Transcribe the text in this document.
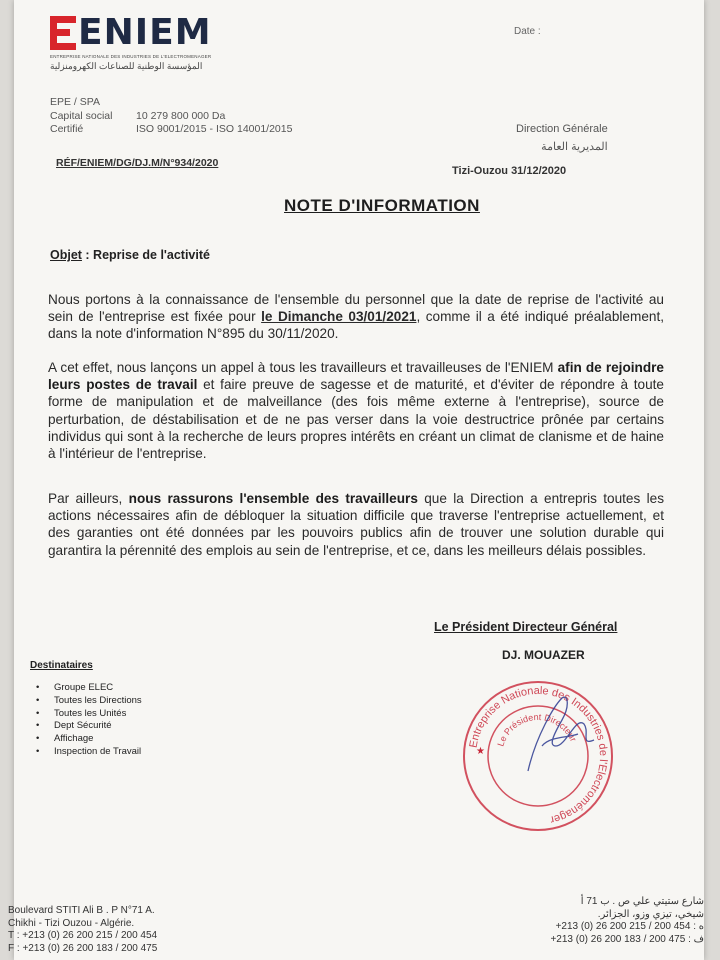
ENIEM
ENTREPRISE NATIONALE DES INDUSTRIES DE L'ELECTROMENAGER
المؤسسة الوطنية للصناعات الكهرومنزلية
Date :
EPE / SPA
Capital social	10 279 800 000 Da
Certifié	ISO 9001/2015 - ISO 14001/2015	Direction Générale
المديرية العامة
RÉF/ENIEM/DG/DJ.M/N°934/2020
Tizi-Ouzou 31/12/2020
NOTE D'INFORMATION
Objet : Reprise de l'activité
Nous portons à la connaissance de l'ensemble du personnel que la date de reprise de l'activité au sein de l'entreprise est fixée pour le Dimanche 03/01/2021, comme il a été indiqué préalablement, dans la note d'information N°895 du 30/11/2020.
A cet effet, nous lançons un appel à tous les travailleurs et travailleuses de l'ENIEM afin de rejoindre leurs postes de travail et faire preuve de sagesse et de maturité, et d'éviter de répondre à toute forme de manipulation et de malveillance (des fois même externe à l'entreprise), source de perturbation, de déstabilisation et de ne pas verser dans la voie destructrice prônée par certains individus qui sont à la recherche de leurs propres intérêts en créant un climat de clanisme et de haine à l'intérieur de l'entreprise.
Par ailleurs, nous rassurons l'ensemble des travailleurs que la Direction a entrepris toutes les actions nécessaires afin de débloquer la situation difficile que traverse l'entreprise actuellement, et des garanties ont été données par les pouvoirs publics afin de trouver une solution durable qui garantira la pérennité des emplois au sein de l'entreprise, et ce, dans les meilleurs délais possibles.
Le Président Directeur Général
DJ. MOUAZER
Entreprise Nationale des Industries de l'Electroménager
Le Président Directeur
★
Destinataires
•	Groupe ELEC
•	Toutes les Directions
•	Toutes les Unités
•	Dept Sécurité
•	Affichage
•	Inspection de Travail
Boulevard STITI Ali B . P N°71 A.
Chikhi - Tizi Ouzou - Algérie.
T : +213 (0) 26 200 215 / 200 454
F : +213 (0) 26 200 183 / 200 475
شارع ستيتي علي ص . ب 71 أ
شيخي، تيزي وزو، الجزائر.
+213 (0) 26 200 215 / 200 454 : ه
+213 (0) 26 200 183 / 200 475 : ف
